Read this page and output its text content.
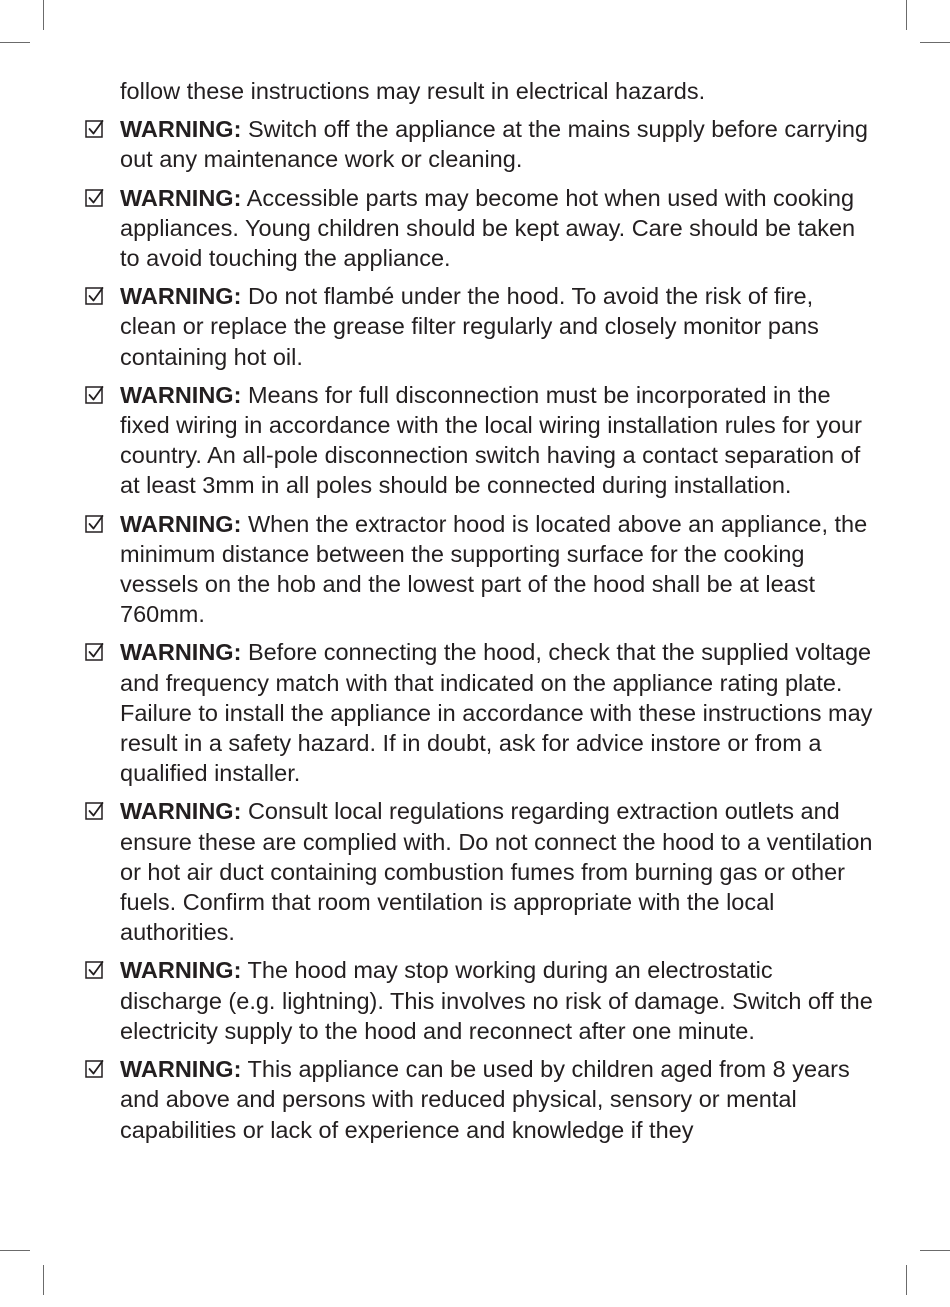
follow these instructions may result in electrical hazards.
WARNING: Switch off the appliance at the mains supply before carrying out any maintenance work or cleaning.
WARNING: Accessible parts may become hot when used with cooking appliances. Young children should be kept away. Care should be taken to avoid touching the appliance.
WARNING: Do not flambé under the hood. To avoid the risk of fire, clean or replace the grease filter regularly and closely monitor pans containing hot oil.
WARNING: Means for full disconnection must be incorporated in the fixed wiring in accordance with the local wiring installation rules for your country. An all-pole disconnection switch having a contact separation of at least 3mm in all poles should be connected during installation.
WARNING: When the extractor hood is located above an appliance, the minimum distance between the supporting surface for the cooking vessels on the hob and the lowest part of the hood shall be at least 760mm.
WARNING: Before connecting the hood, check that the supplied voltage and frequency match with that indicated on the appliance rating plate. Failure to install the appliance in accordance with these instructions may result in a safety hazard. If in doubt, ask for advice instore or from a qualified installer.
WARNING: Consult local regulations regarding extraction outlets and ensure these are complied with. Do not connect the hood to a ventilation or hot air duct containing combustion fumes from burning gas or other fuels. Confirm that room ventilation is appropriate with the local authorities.
WARNING: The hood may stop working during an electrostatic discharge (e.g. lightning). This involves no risk of damage. Switch off the electricity supply to the hood and reconnect after one minute.
WARNING: This appliance can be used by children aged from 8 years and above and persons with reduced physical, sensory or mental capabilities or lack of experience and knowledge if they
